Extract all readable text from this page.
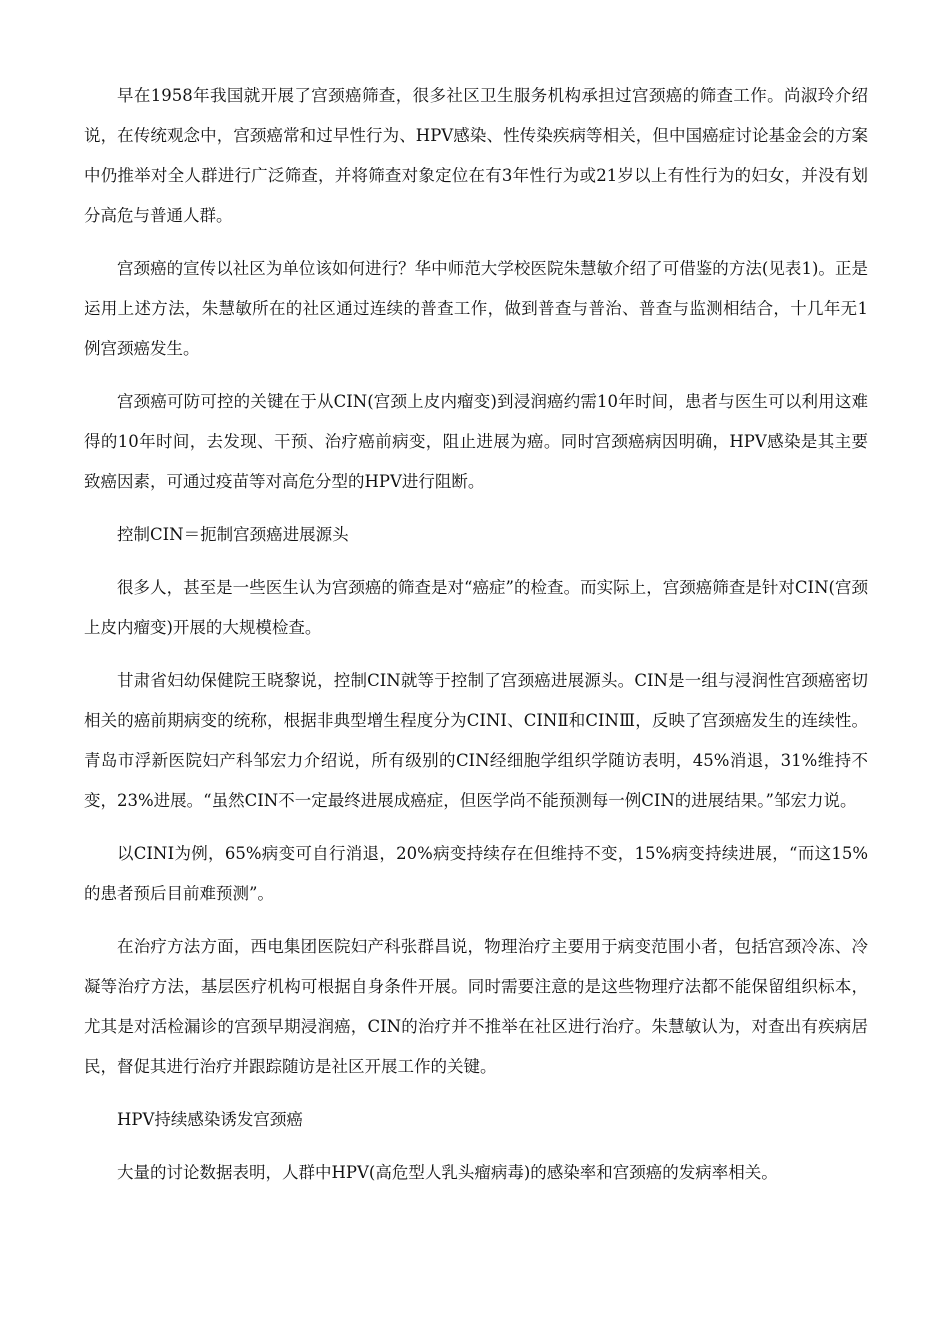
早在1958年我国就开展了宫颈癌筛查，很多社区卫生服务机构承担过宫颈癌的筛查工作。尚淑玲介绍说，在传统观念中，宫颈癌常和过早性行为、HPV感染、性传染疾病等相关，但中国癌症讨论基金会的方案中仍推举对全人群进行广泛筛查，并将筛查对象定位在有3年性行为或21岁以上有性行为的妇女，并没有划分高危与普通人群。

宫颈癌的宣传以社区为单位该如何进行？华中师范大学校医院朱慧敏介绍了可借鉴的方法(见表1)。正是运用上述方法，朱慧敏所在的社区通过连续的普查工作，做到普查与普治、普查与监测相结合，十几年无1例宫颈癌发生。

宫颈癌可防可控的关键在于从CIN(宫颈上皮内瘤变)到浸润癌约需10年时间，患者与医生可以利用这难得的10年时间，去发现、干预、治疗癌前病变，阻止进展为癌。同时宫颈癌病因明确，HPV感染是其主要致癌因素，可通过疫苗等对高危分型的HPV进行阻断。

控制CIN＝扼制宫颈癌进展源头

很多人，甚至是一些医生认为宫颈癌的筛查是对“癌症”的检查。而实际上，宫颈癌筛查是针对CIN(宫颈上皮内瘤变)开展的大规模检查。

甘肃省妇幼保健院王晓黎说，控制CIN就等于控制了宫颈癌进展源头。CIN是一组与浸润性宫颈癌密切相关的癌前期病变的统称，根据非典型增生程度分为CINⅠ、CINⅡ和CINⅢ，反映了宫颈癌发生的连续性。青岛市浮新医院妇产科邹宏力介绍说，所有级别的CIN经细胞学组织学随访表明，45%消退，31%维持不变，23%进展。“虽然CIN不一定最终进展成癌症，但医学尚不能预测每一例CIN的进展结果。”邹宏力说。

以CINⅠ为例，65%病变可自行消退，20%病变持续存在但维持不变，15%病变持续进展，“而这15%的患者预后目前难预测”。

在治疗方法方面，西电集团医院妇产科张群昌说，物理治疗主要用于病变范围小者，包括宫颈冷冻、冷凝等治疗方法，基层医疗机构可根据自身条件开展。同时需要注意的是这些物理疗法都不能保留组织标本，尤其是对活检漏诊的宫颈早期浸润癌，CIN的治疗并不推举在社区进行治疗。朱慧敏认为，对查出有疾病居民，督促其进行治疗并跟踪随访是社区开展工作的关键。

HPV持续感染诱发宫颈癌

大量的讨论数据表明，人群中HPV(高危型人乳头瘤病毒)的感染率和宫颈癌的发病率相关。
